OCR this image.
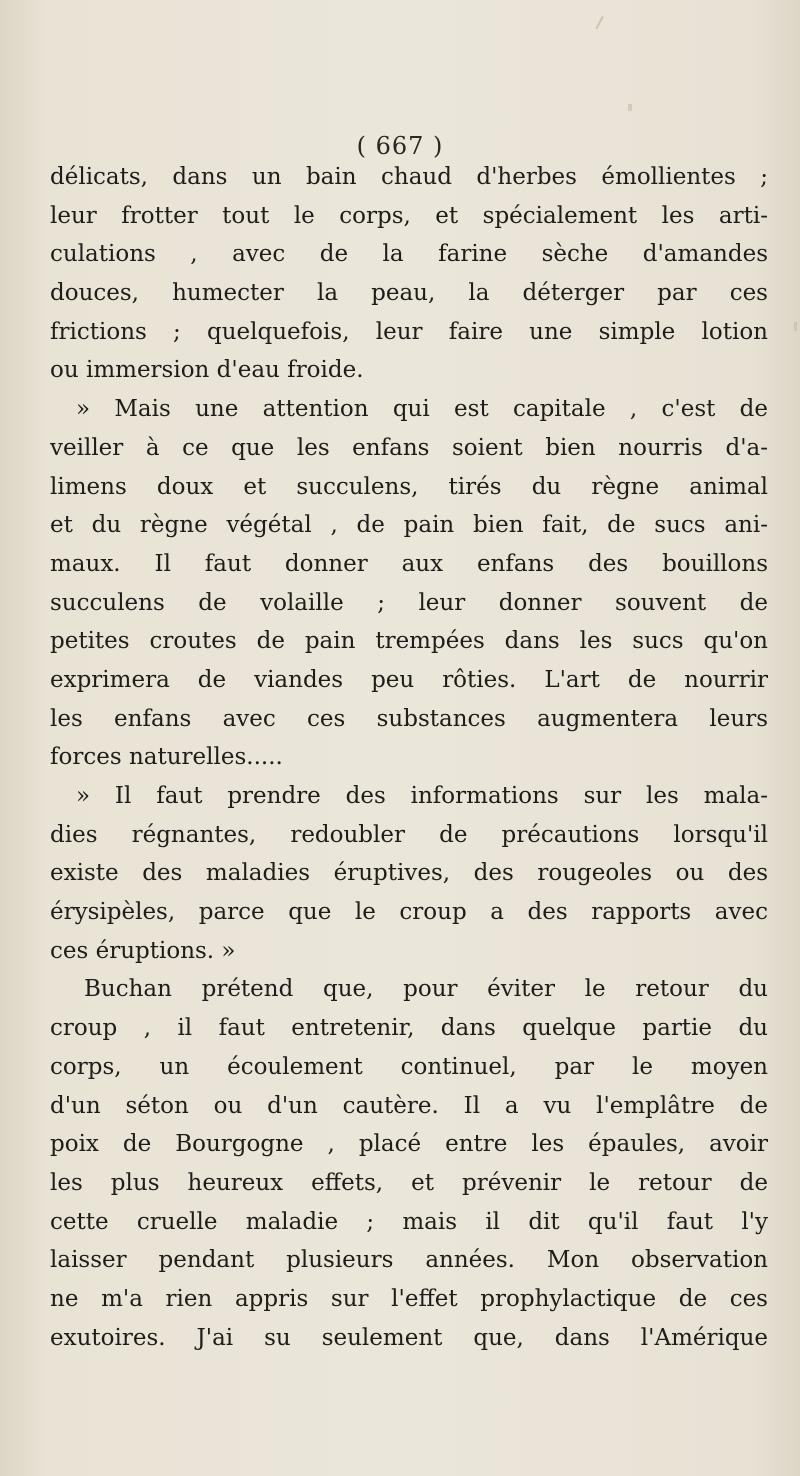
( 667 )
délicats, dans un bain chaud d'herbes émollientes ;
leur frotter tout le corps, et spécialement les arti-
culations , avec de la farine sèche d'amandes
douces, humecter la peau, la déterger par ces
frictions ; quelquefois, leur faire une simple lotion
ou immersion d'eau froide.
» Mais une attention qui est capitale , c'est de
veiller à ce que les enfans soient bien nourris d'a-
limens doux et succulens, tirés du règne animal
et du règne végétal , de pain bien fait, de sucs ani-
maux. Il faut donner aux enfans des bouillons
succulens de volaille ; leur donner souvent de
petites croutes de pain trempées dans les sucs qu'on
exprimera de viandes peu rôties. L'art de nourrir
les enfans avec ces substances augmentera leurs
forces naturelles.....
» Il faut prendre des informations sur les mala-
dies régnantes, redoubler de précautions lorsqu'il
existe des maladies éruptives, des rougeoles ou des
érysipèles, parce que le croup a des rapports avec
ces éruptions. »
Buchan prétend que, pour éviter le retour du
croup , il faut entretenir, dans quelque partie du
corps, un écoulement continuel, par le moyen
d'un séton ou d'un cautère. Il a vu l'emplâtre de
poix de Bourgogne , placé entre les épaules, avoir
les plus heureux effets, et prévenir le retour de
cette cruelle maladie ; mais il dit qu'il faut l'y
laisser pendant plusieurs années. Mon observation
ne m'a rien appris sur l'effet prophylactique de ces
exutoires. J'ai su seulement que, dans l'Amérique
